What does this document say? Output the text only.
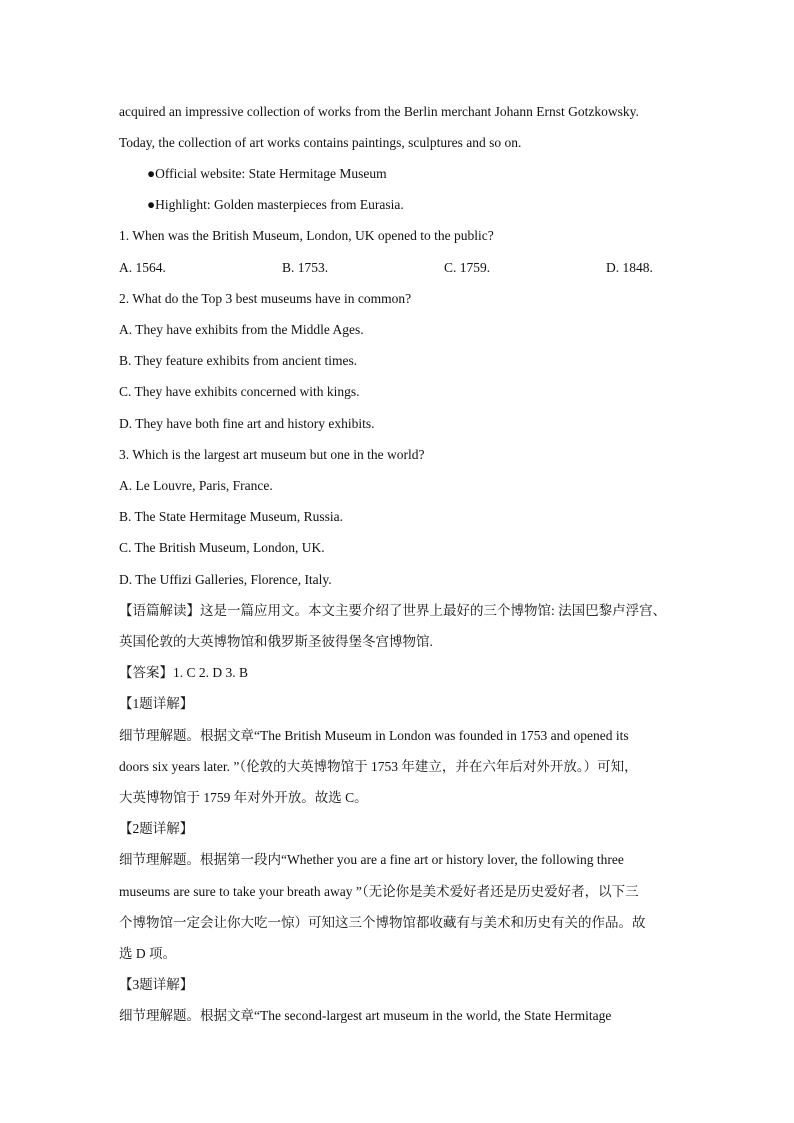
acquired an impressive collection of works from the Berlin merchant Johann Ernst Gotzkowsky.
Today, the collection of art works contains paintings, sculptures and so on.
●Official website: State Hermitage Museum
●Highlight: Golden masterpieces from Eurasia.
1. When was the British Museum, London, UK opened to the public?
A. 1564.	B. 1753.	C. 1759.	D. 1848.
2. What do the Top 3 best museums have in common?
A. They have exhibits from the Middle Ages.
B. They feature exhibits from ancient times.
C. They have exhibits concerned with kings.
D. They have both fine art and history exhibits.
3. Which is the largest art museum but one in the world?
A. Le Louvre, Paris, France.
B. The State Hermitage Museum, Russia.
C. The British Museum, London, UK.
D. The Uffizi Galleries, Florence, Italy.
【语篇解读】这是一篇应用文。本文主要介绍了世界上最好的三个博物馆: 法国巴黎卢浮宫、
英国伦敦的大英博物馆和俄罗斯圣彼得堡冬宫博物馆.
【答案】1. C 2. D 3. B
【1题详解】
细节理解题。根据文章“The British Museum in London was founded in 1753 and opened its
doors six years later. ”（伦敦的大英博物馆于 1753 年建立，并在六年后对外开放。）可知，
大英博物馆于 1759 年对外开放。故选 C。
【2题详解】
细节理解题。根据第一段内“Whether you are a fine art or history lover, the following three
museums are sure to take your breath away ”（无论你是美术爱好者还是历史爱好者，以下三
个博物馆一定会让你大吃一惊）可知这三个博物馆都收藏有与美术和历史有关的作品。故
选 D 项。
【3题详解】
细节理解题。根据文章“The second-largest art museum in the world, the State Hermitage
